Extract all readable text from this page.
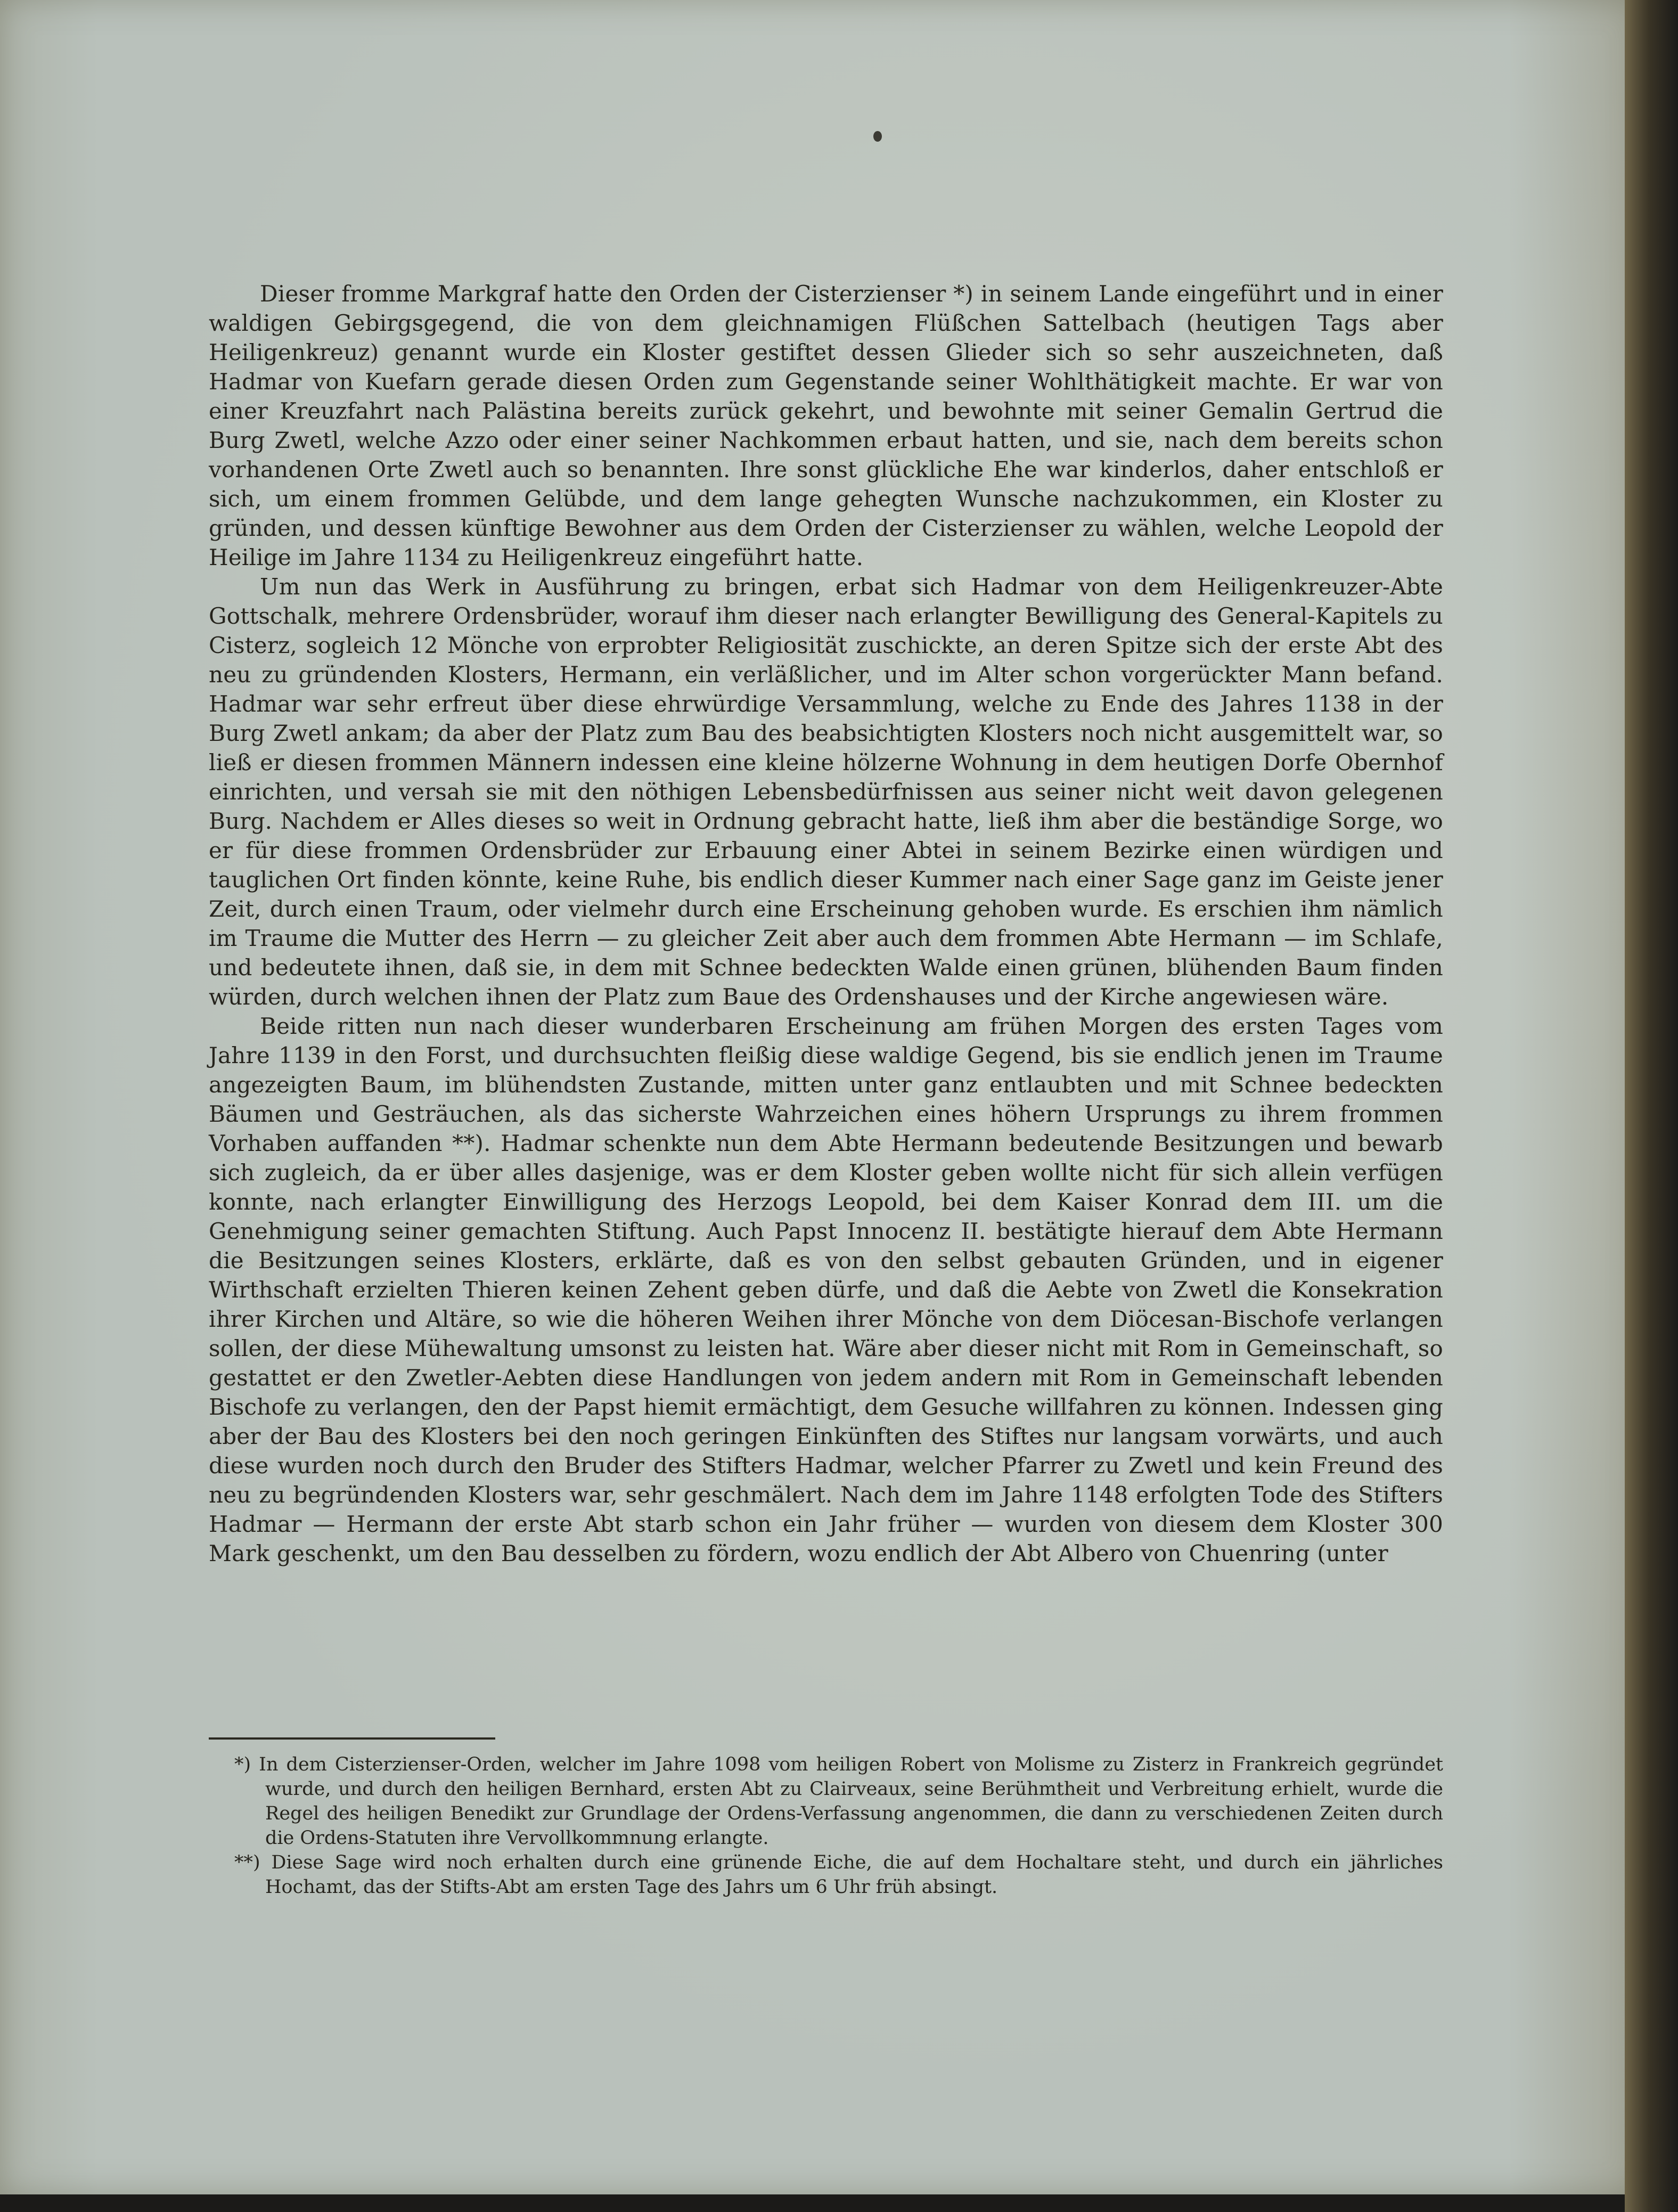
Dieser fromme Markgraf hatte den Orden der Cisterzienser *) in seinem Lande eingeführt und in einer waldigen Gebirgsgegend, die von dem gleichnamigen Flüßchen Sattelbach (heutigen Tags aber Heiligenkreuz) genannt wurde ein Kloster gestiftet dessen Glieder sich so sehr auszeichneten, daß Hadmar von Kuefarn gerade diesen Orden zum Gegenstande seiner Wohlthätigkeit machte. Er war von einer Kreuzfahrt nach Palästina bereits zurück gekehrt, und bewohnte mit seiner Gemalin Gertrud die Burg Zwetl, welche Azzo oder einer seiner Nachkommen erbaut hatten, und sie, nach dem bereits schon vorhandenen Orte Zwetl auch so benannten. Ihre sonst glückliche Ehe war kinderlos, daher entschloß er sich, um einem frommen Gelübde, und dem lange gehegten Wunsche nachzukommen, ein Kloster zu gründen, und dessen künftige Bewohner aus dem Orden der Cisterzienser zu wählen, welche Leopold der Heilige im Jahre 1134 zu Heiligenkreuz eingeführt hatte.

Um nun das Werk in Ausführung zu bringen, erbat sich Hadmar von dem Heiligenkreuzer-Abte Gottschalk, mehrere Ordensbrüder, worauf ihm dieser nach erlangter Bewilligung des General-Kapitels zu Cisterz, sogleich 12 Mönche von erprobter Religiosität zuschickte, an deren Spitze sich der erste Abt des neu zu gründenden Klosters, Hermann, ein verläßlicher, und im Alter schon vorgerückter Mann befand. Hadmar war sehr erfreut über diese ehrwürdige Versammlung, welche zu Ende des Jahres 1138 in der Burg Zwetl ankam; da aber der Platz zum Bau des beabsichtigten Klosters noch nicht ausgemittelt war, so ließ er diesen frommen Männern indessen eine kleine hölzerne Wohnung in dem heutigen Dorfe Obernhof einrichten, und versah sie mit den nöthigen Lebensbedürfnissen aus seiner nicht weit davon gelegenen Burg. Nachdem er Alles dieses so weit in Ordnung gebracht hatte, ließ ihm aber die beständige Sorge, wo er für diese frommen Ordensbrüder zur Erbauung einer Abtei in seinem Bezirke einen würdigen und tauglichen Ort finden könnte, keine Ruhe, bis endlich dieser Kummer nach einer Sage ganz im Geiste jener Zeit, durch einen Traum, oder vielmehr durch eine Erscheinung gehoben wurde. Es erschien ihm nämlich im Traume die Mutter des Herrn — zu gleicher Zeit aber auch dem frommen Abte Hermann — im Schlafe, und bedeutete ihnen, daß sie, in dem mit Schnee bedeckten Walde einen grünen, blühenden Baum finden würden, durch welchen ihnen der Platz zum Baue des Ordenshauses und der Kirche angewiesen wäre.

Beide ritten nun nach dieser wunderbaren Erscheinung am frühen Morgen des ersten Tages vom Jahre 1139 in den Forst, und durchsuchten fleißig diese waldige Gegend, bis sie endlich jenen im Traume angezeigten Baum, im blühendsten Zustande, mitten unter ganz entlaubten und mit Schnee bedeckten Bäumen und Gesträuchen, als das sicherste Wahrzeichen eines höhern Ursprungs zu ihrem frommen Vorhaben auffanden **). Hadmar schenkte nun dem Abte Hermann bedeutende Besitzungen und bewarb sich zugleich, da er über alles dasjenige, was er dem Kloster geben wollte nicht für sich allein verfügen konnte, nach erlangter Einwilligung des Herzogs Leopold, bei dem Kaiser Konrad dem III. um die Genehmigung seiner gemachten Stiftung. Auch Papst Innocenz II. bestätigte hierauf dem Abte Hermann die Besitzungen seines Klosters, erklärte, daß es von den selbst gebauten Gründen, und in eigener Wirthschaft erzielten Thieren keinen Zehent geben dürfe, und daß die Aebte von Zwetl die Konsekration ihrer Kirchen und Altäre, so wie die höheren Weihen ihrer Mönche von dem Diöcesan-Bischofe verlangen sollen, der diese Mühewaltung umsonst zu leisten hat. Wäre aber dieser nicht mit Rom in Gemeinschaft, so gestattet er den Zwetler-Aebten diese Handlungen von jedem andern mit Rom in Gemeinschaft lebenden Bischofe zu verlangen, den der Papst hiemit ermächtigt, dem Gesuche willfahren zu können. Indessen ging aber der Bau des Klosters bei den noch geringen Einkünften des Stiftes nur langsam vorwärts, und auch diese wurden noch durch den Bruder des Stifters Hadmar, welcher Pfarrer zu Zwetl und kein Freund des neu zu begründenden Klosters war, sehr geschmälert. Nach dem im Jahre 1148 erfolgten Tode des Stifters Hadmar — Hermann der erste Abt starb schon ein Jahr früher — wurden von diesem dem Kloster 300 Mark geschenkt, um den Bau desselben zu fördern, wozu endlich der Abt Albero von Chuenring (unter

*) In dem Cisterzienser-Orden, welcher im Jahre 1098 vom heiligen Robert von Molisme zu Zisterz in Frankreich gegründet wurde, und durch den heiligen Bernhard, ersten Abt zu Clairveaux, seine Berühmtheit und Verbreitung erhielt, wurde die Regel des heiligen Benedikt zur Grundlage der Ordens-Verfassung angenommen, die dann zu verschiedenen Zeiten durch die Ordens-Statuten ihre Vervollkommnung erlangte.

**) Diese Sage wird noch erhalten durch eine grünende Eiche, die auf dem Hochaltare steht, und durch ein jährliches Hochamt, das der Stifts-Abt am ersten Tage des Jahrs um 6 Uhr früh absingt.
